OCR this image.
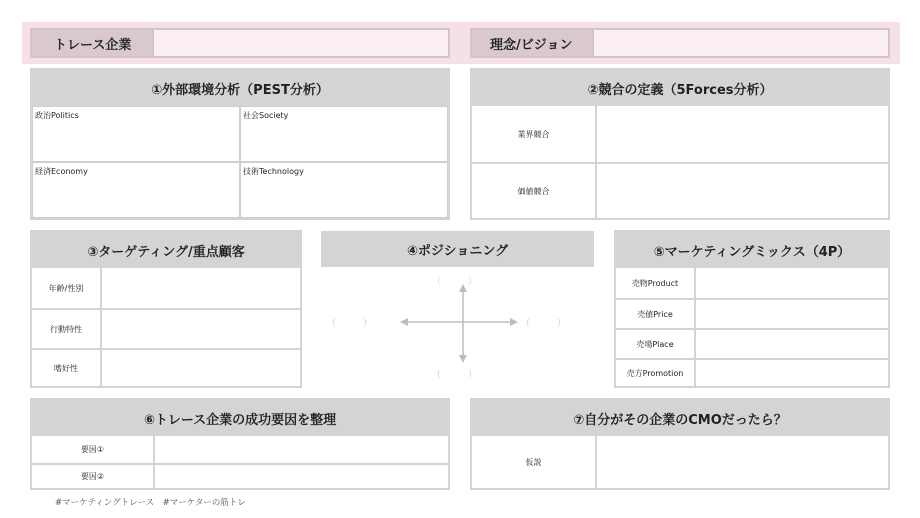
トレース企業	理念/ビジョン
①外部環境分析（PEST分析）
政治Politics	社会Society
経済Economy	技術Technology
②競合の定義（5Forces分析）
業界競合
価値競合
③ターゲティング/重点顧客
年齢/性別
行動特性
嗜好性
④ポジショニング
（　　　）
（　　　）
（　　　）	（　　　）
⑤マーケティングミックス（4P）
売物Product
売値Price
売場Place
売方Promotion
⑥トレース企業の成功要因を整理
要因①
要因②
⑦自分がその企業のCMOだったら？
仮説
#マーケティングトレース　#マーケターの筋トレ
